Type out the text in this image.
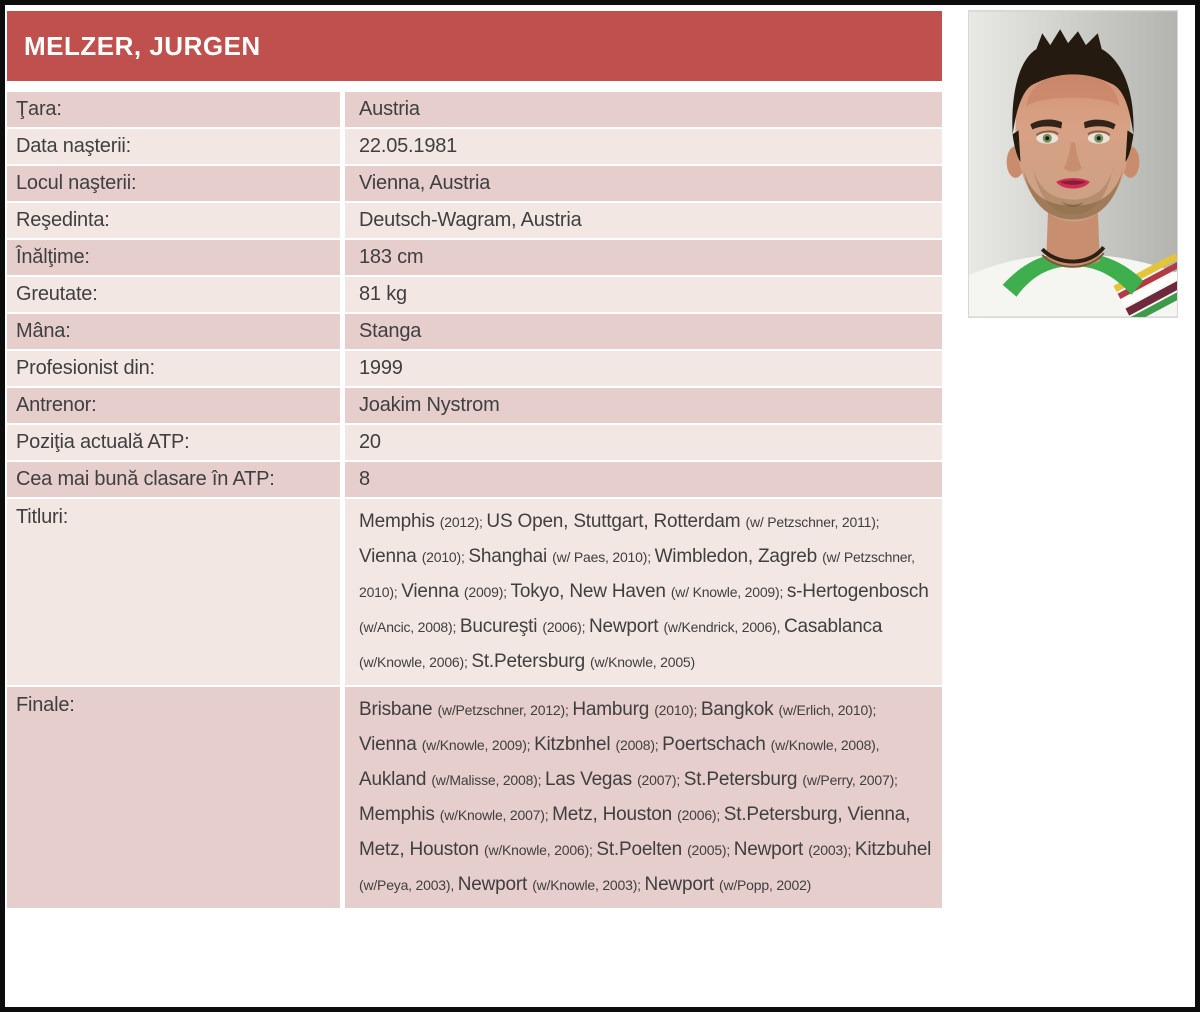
MELZER, JURGEN
Ţara:	Austria
Data naşterii:	22.05.1981
Locul naşterii:	Vienna, Austria
Reşedinta:	Deutsch-Wagram, Austria
Înălţime:	183 cm
Greutate:	81 kg
Mâna:	Stanga
Profesionist din:	1999
Antrenor:	Joakim Nystrom
Poziţia actuală ATP:	20
Cea mai bună clasare în ATP:	8
Titluri:	Memphis (2012); US Open, Stuttgart, Rotterdam (w/ Petzschner, 2011); Vienna (2010); Shanghai (w/ Paes, 2010); Wimbledon, Zagreb (w/ Petzschner, 2010); Vienna (2009); Tokyo, New Haven (w/ Knowle, 2009); s-Hertogenbosch (w/Ancic, 2008); Bucureşti (2006); Newport (w/Kendrick, 2006), Casablanca (w/Knowle, 2006); St.Petersburg (w/Knowle, 2005)
Finale:	Brisbane (w/Petzschner, 2012); Hamburg (2010); Bangkok (w/Erlich, 2010); Vienna (w/Knowle, 2009); Kitzbnhel (2008); Poertschach (w/Knowle, 2008), Aukland (w/Malisse, 2008); Las Vegas (2007); St.Petersburg (w/Perry, 2007); Memphis (w/Knowle, 2007); Metz, Houston (2006); St.Petersburg, Vienna, Metz, Houston (w/Knowle, 2006); St.Poelten (2005); Newport (2003); Kitzbuhel (w/Peya, 2003), Newport (w/Knowle, 2003); Newport (w/Popp, 2002)
